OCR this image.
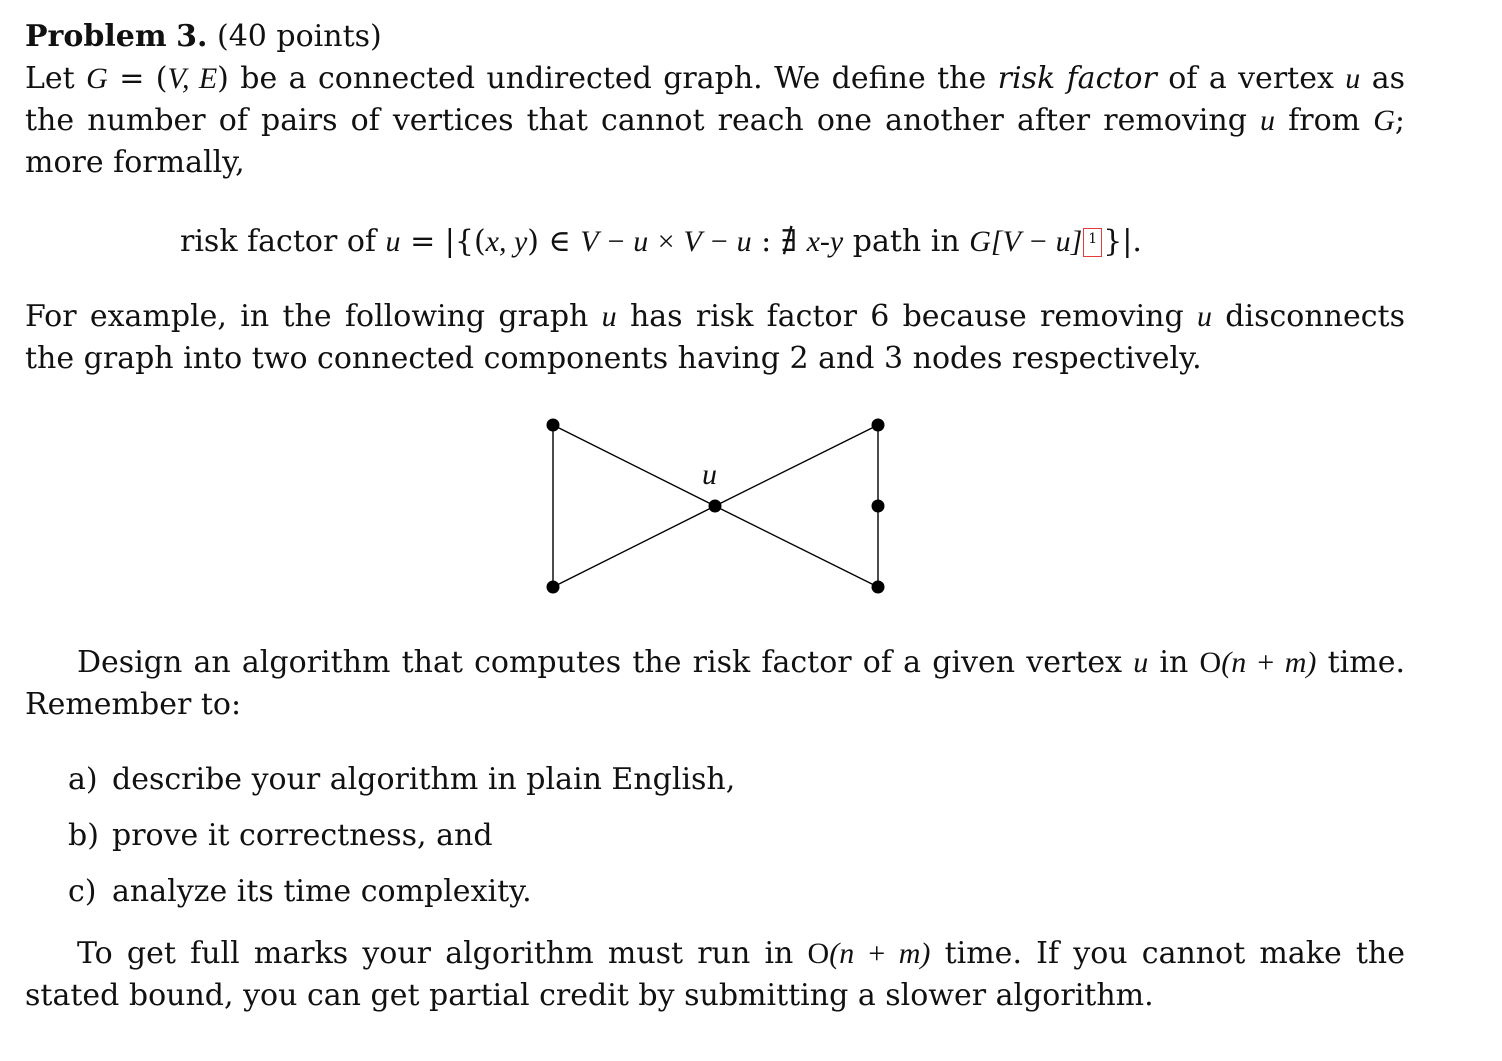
Problem 3. (40 points)

Let G = (V, E) be a connected undirected graph. We define the risk factor of a vertex u as the number of pairs of vertices that cannot reach one another after removing u from G; more formally,

risk factor of u = |{(x, y) ∈ V − u × V − u : ∄ x-y path in G[V − u] 1 }|.

For example, in the following graph u has risk factor 6 because removing u disconnects the graph into two connected components having 2 and 3 nodes respectively.

u

Design an algorithm that computes the risk factor of a given vertex u in O(n + m) time. Remember to:

a) describe your algorithm in plain English,
b) prove it correctness, and
c) analyze its time complexity.

To get full marks your algorithm must run in O(n + m) time. If you cannot make the stated bound, you can get partial credit by submitting a slower algorithm.
